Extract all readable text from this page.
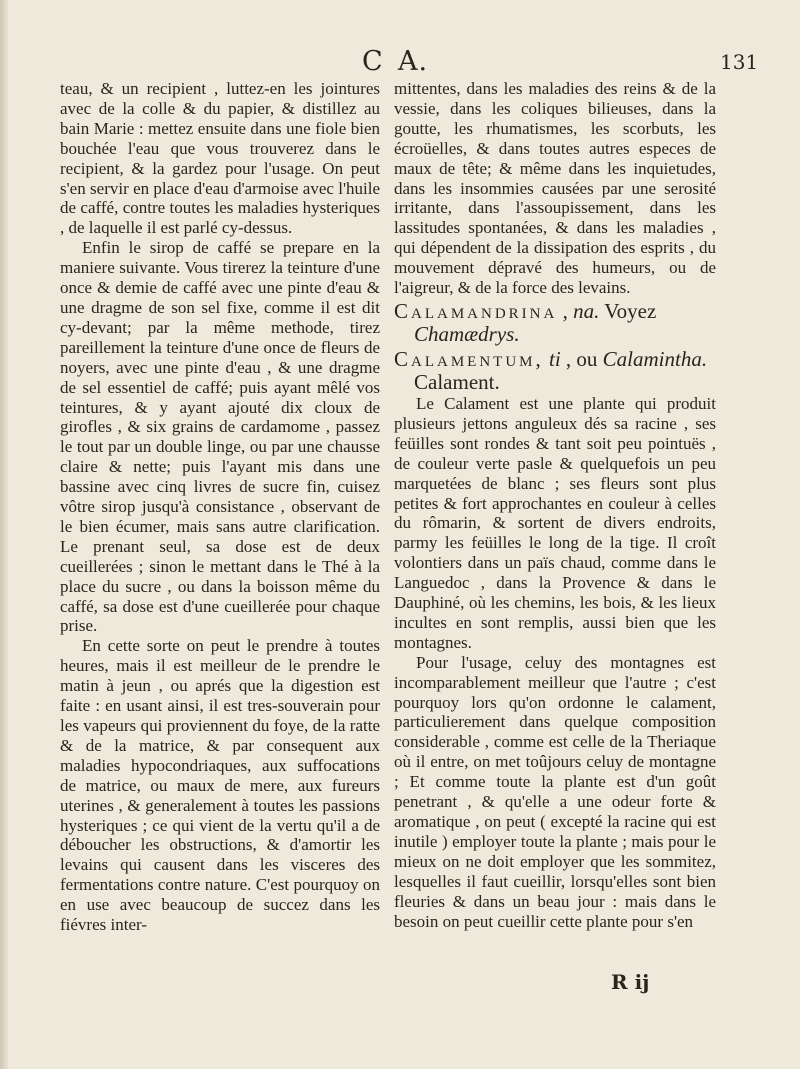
C A.	131

teau, & un recipient , luttez-en les jointures avec de la colle & du papier, & distillez au bain Marie : mettez ensuite dans une fiole bien bouchée l'eau que vous trouverez dans le recipient, & la gardez pour l'usage. On peut s'en servir en place d'eau d'armoise avec l'huile de caffé, contre toutes les maladies hysteriques , de laquelle il est parlé cy-dessus.

Enfin le sirop de caffé se prepare en la maniere suivante. Vous tirerez la teinture d'une once & demie de caffé avec une pinte d'eau & une dragme de son sel fixe, comme il est dit cy-devant; par la même methode, tirez pareillement la teinture d'une once de fleurs de noyers, avec une pinte d'eau , & une dragme de sel essentiel de caffé; puis ayant mêlé vos teintures, & y ayant ajouté dix cloux de girofles , & six grains de cardamome , passez le tout par un double linge, ou par une chausse claire & nette; puis l'ayant mis dans une bassine avec cinq livres de sucre fin, cuisez vôtre sirop jusqu'à consistance , observant de le bien écumer, mais sans autre clarification. Le prenant seul, sa dose est de deux cueillerées ; sinon le mettant dans le Thé à la place du sucre , ou dans la boisson même du caffé, sa dose est d'une cueillerée pour chaque prise.

En cette sorte on peut le prendre à toutes heures, mais il est meilleur de le prendre le matin à jeun , ou aprés que la digestion est faite : en usant ainsi, il est tres-souverain pour les vapeurs qui proviennent du foye, de la ratte & de la matrice, & par consequent aux maladies hypocondriaques, aux suffocations de matrice, ou maux de mere, aux fureurs uterines , & generalement à toutes les passions hysteriques ; ce qui vient de la vertu qu'il a de déboucher les obstructions, & d'amortir les levains qui causent dans les visceres des fermentations contre nature. C'est pourquoy on en use avec beaucoup de succez dans les fiévres inter-

mittentes, dans les maladies des reins & de la vessie, dans les coliques bilieuses, dans la goutte, les rhumatismes, les scorbuts, les écroüelles, & dans toutes autres especes de maux de tête; & même dans les inquietudes, dans les insommies causées par une serosité irritante, dans l'assoupissement, dans les lassitudes spontanées, & dans les maladies , qui dépendent de la dissipation des esprits , du mouvement dépravé des humeurs, ou de l'aigreur, & de la force des levains.

Calamandrina , na. Voyez
Chamædrys.
Calamentum, ti , ou Calamintha.
Calament.

Le Calament est une plante qui produit plusieurs jettons anguleux dés sa racine , ses feüilles sont rondes & tant soit peu pointuës , de couleur verte pasle & quelquefois un peu marquetées de blanc ; ses fleurs sont plus petites & fort approchantes en couleur à celles du rômarin, & sortent de divers endroits, parmy les feüilles le long de la tige. Il croît volontiers dans un païs chaud, comme dans le Languedoc , dans la Provence & dans le Dauphiné, où les chemins, les bois, & les lieux incultes en sont remplis, aussi bien que les montagnes.

Pour l'usage, celuy des montagnes est incomparablement meilleur que l'autre ; c'est pourquoy lors qu'on ordonne le calament, particulierement dans quelque composition considerable , comme est celle de la Theriaque où il entre, on met toûjours celuy de montagne ; Et comme toute la plante est d'un goût penetrant , & qu'elle a une odeur forte & aromatique , on peut ( excepté la racine qui est inutile ) employer toute la plante ; mais pour le mieux on ne doit employer que les sommitez, lesquelles il faut cueillir, lorsqu'elles sont bien fleuries & dans un beau jour : mais dans le besoin on peut cueillir cette plante pour s'en

R ij
